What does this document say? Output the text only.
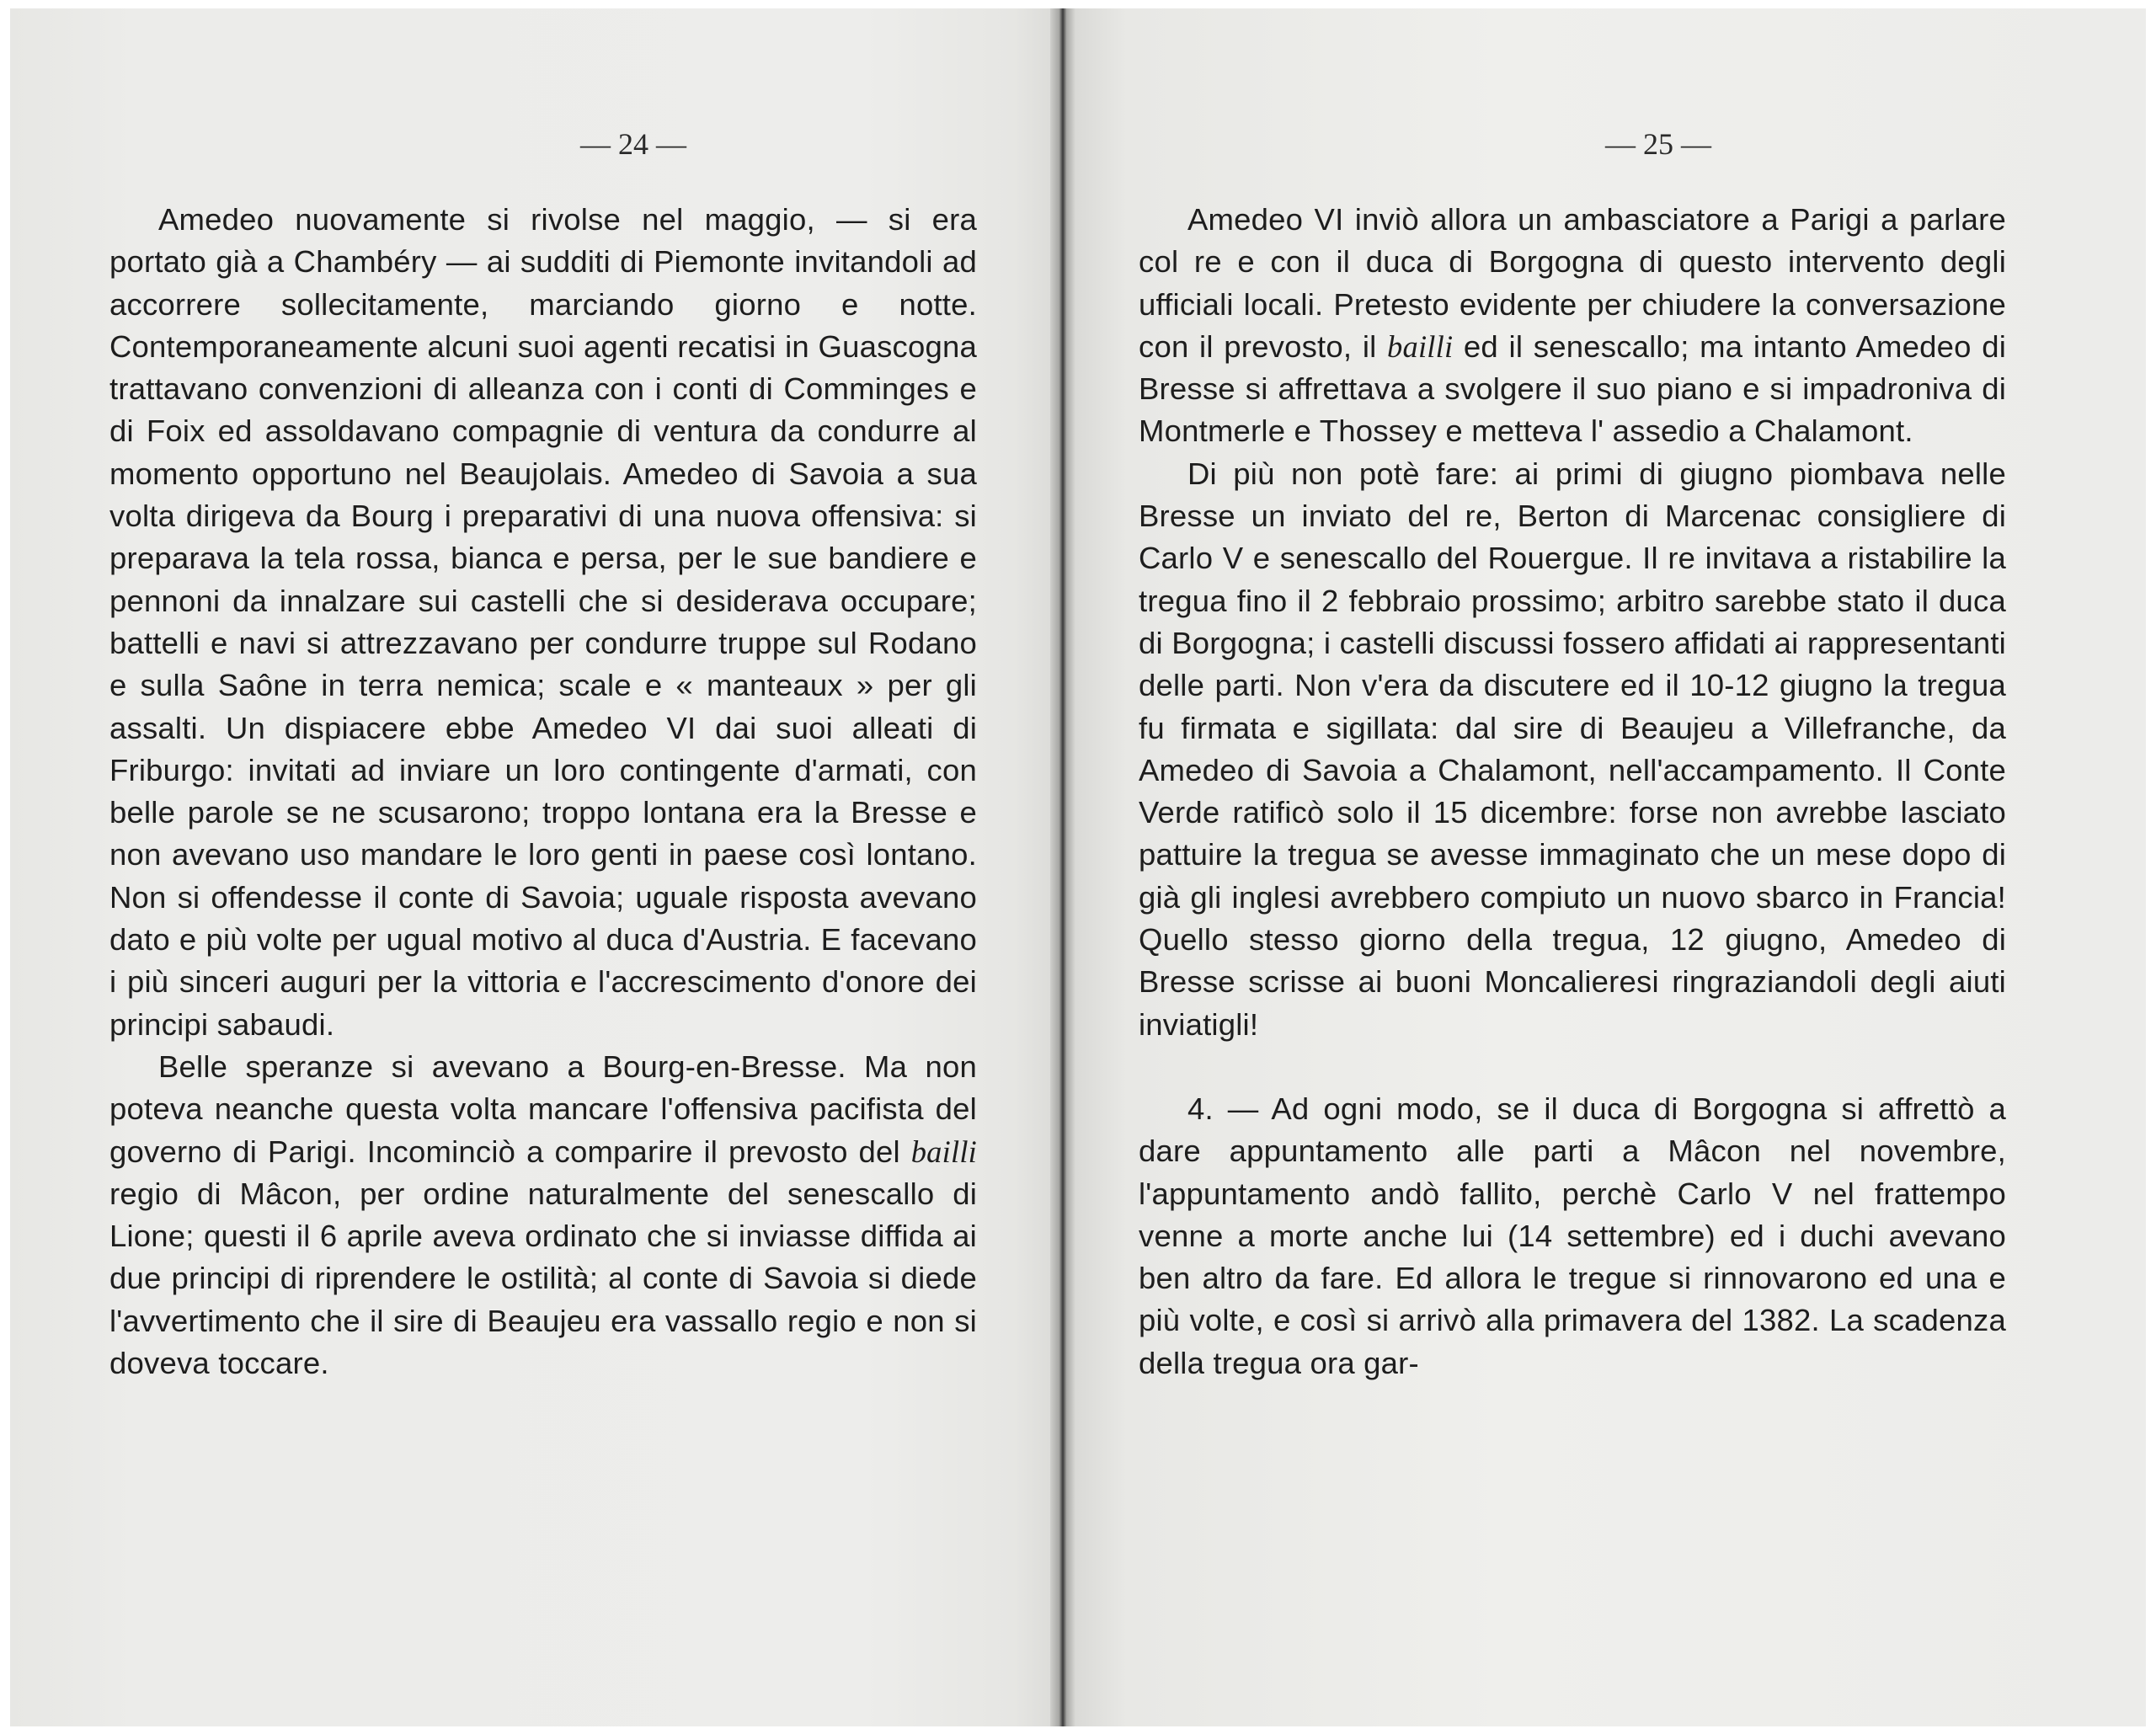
— 24 —

Amedeo nuovamente si rivolse nel maggio, — si era portato già a Chambéry — ai sudditi di Piemonte invitandoli ad accorrere sollecitamente, marciando giorno e notte. Contemporaneamente alcuni suoi agenti recatisi in Guascogna trattavano convenzioni di alleanza con i conti di Comminges e di Foix ed assoldavano compagnie di ventura da condurre al momento opportuno nel Beaujolais. Amedeo di Savoia a sua volta dirigeva da Bourg i preparativi di una nuova offensiva: si preparava la tela rossa, bianca e persa, per le sue bandiere e pennoni da innalzare sui castelli che si desiderava occupare; battelli e navi si attrezzavano per condurre truppe sul Rodano e sulla Saône in terra nemica; scale e « manteaux » per gli assalti. Un dispiacere ebbe Amedeo VI dai suoi alleati di Friburgo: invitati ad inviare un loro contingente d'armati, con belle parole se ne scusarono; troppo lontana era la Bresse e non avevano uso mandare le loro genti in paese così lontano. Non si offendesse il conte di Savoia; uguale risposta avevano dato e più volte per ugual motivo al duca d'Austria. E facevano i più sinceri auguri per la vittoria e l'accrescimento d'onore dei principi sabaudi.

Belle speranze si avevano a Bourg-en-Bresse. Ma non poteva neanche questa volta mancare l'offensiva pacifista del governo di Parigi. Incominciò a comparire il prevosto del bailli regio di Mâcon, per ordine naturalmente del senescallo di Lione; questi il 6 aprile aveva ordinato che si inviasse diffida ai due principi di riprendere le ostilità; al conte di Savoia si diede l'avvertimento che il sire di Beaujeu era vassallo regio e non si doveva toccare.

— 25 —

Amedeo VI inviò allora un ambasciatore a Parigi a parlare col re e con il duca di Borgogna di questo intervento degli ufficiali locali. Pretesto evidente per chiudere la conversazione con il prevosto, il bailli ed il senescallo; ma intanto Amedeo di Bresse si affrettava a svolgere il suo piano e si impadroniva di Montmerle e Thossey e metteva l' assedio a Chalamont.

Di più non potè fare: ai primi di giugno piombava nelle Bresse un inviato del re, Berton di Marcenac consigliere di Carlo V e senescallo del Rouergue. Il re invitava a ristabilire la tregua fino il 2 febbraio prossimo; arbitro sarebbe stato il duca di Borgogna; i castelli discussi fossero affidati ai rappresentanti delle parti. Non v'era da discutere ed il 10-12 giugno la tregua fu firmata e sigillata: dal sire di Beaujeu a Villefranche, da Amedeo di Savoia a Chalamont, nell'accampamento. Il Conte Verde ratificò solo il 15 dicembre: forse non avrebbe lasciato pattuire la tregua se avesse immaginato che un mese dopo di già gli inglesi avrebbero compiuto un nuovo sbarco in Francia! Quello stesso giorno della tregua, 12 giugno, Amedeo di Bresse scrisse ai buoni Moncalieresi ringraziandoli degli aiuti inviatigli!

4. — Ad ogni modo, se il duca di Borgogna si affrettò a dare appuntamento alle parti a Mâcon nel novembre, l'appuntamento andò fallito, perchè Carlo V nel frattempo venne a morte anche lui (14 settembre) ed i duchi avevano ben altro da fare. Ed allora le tregue si rinnovarono ed una e più volte, e così si arrivò alla primavera del 1382. La scadenza della tregua ora gar-
